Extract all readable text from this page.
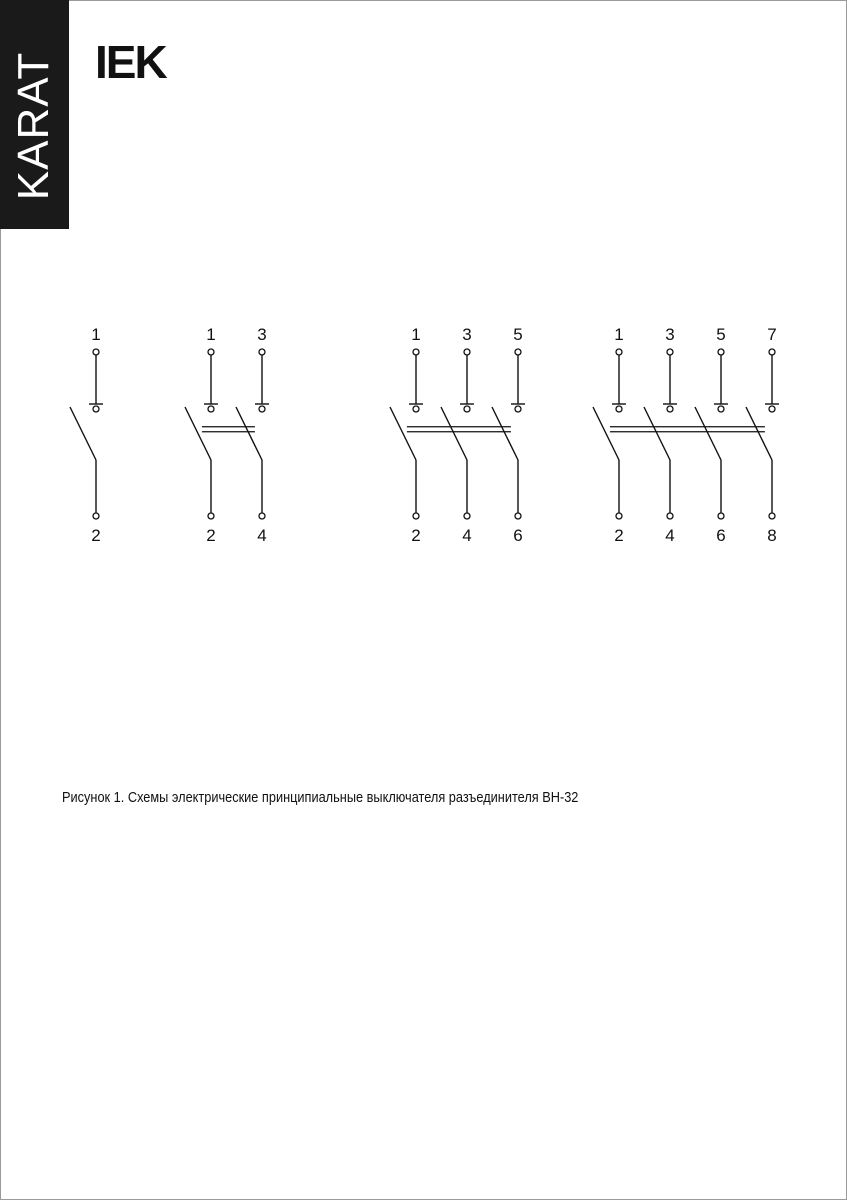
KARAT IEK
1
2
1
2
3
4
1
2
3
4
5
6
1
2
3
4
5
6
7
8
Рисунок 1. Схемы электрические принципиальные выключателя разъединителя ВН-32
